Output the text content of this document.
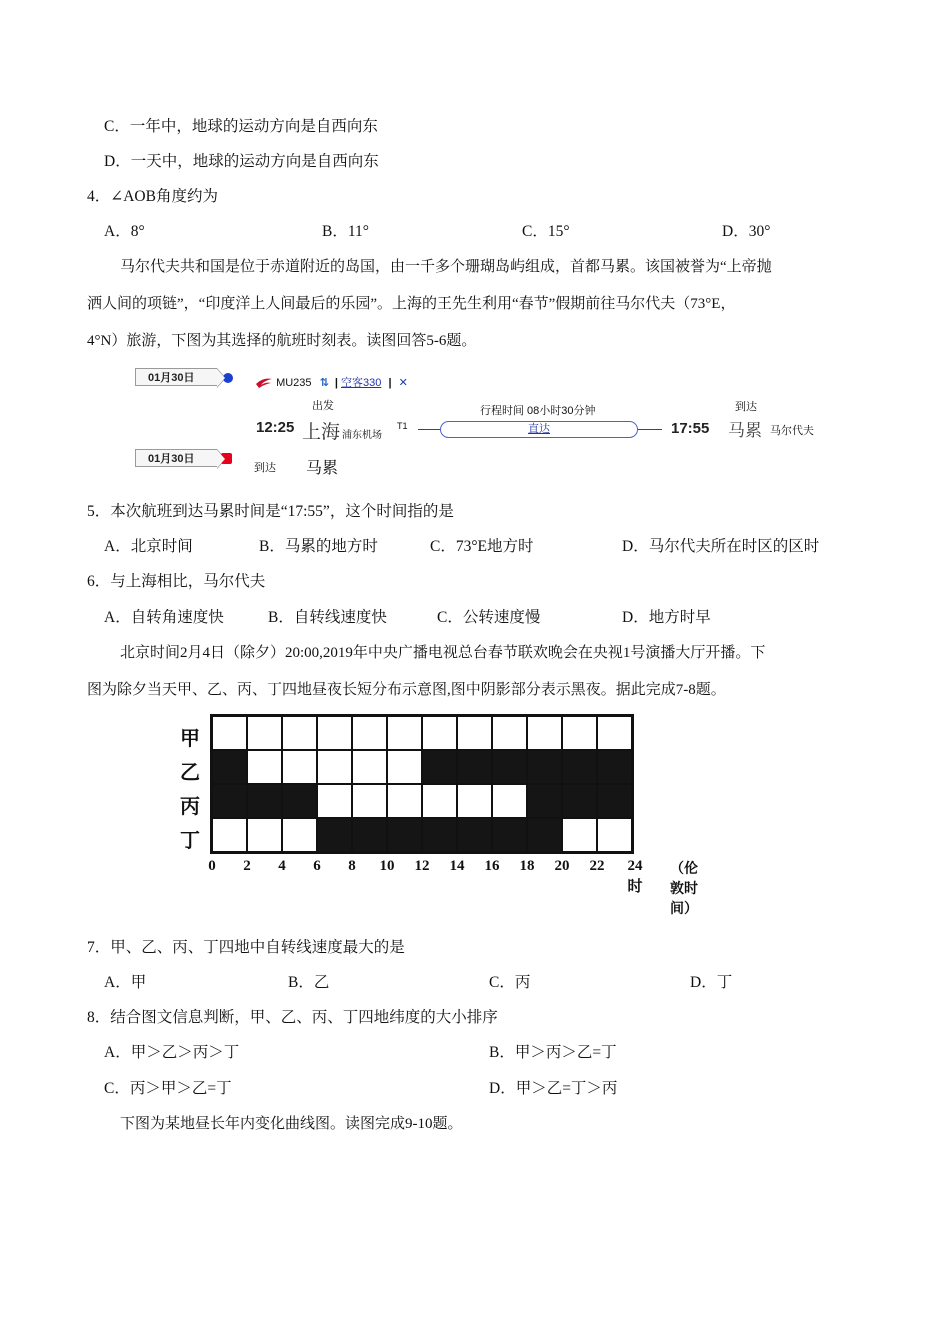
C．一年中，地球的运动方向是自西向东
D．一天中，地球的运动方向是自西向东
4．∠AOB角度约为
A．8°	B．11°	C．15°	D．30°
马尔代夫共和国是位于赤道附近的岛国，由一千多个珊瑚岛屿组成，首都马累。该国被誉为“上帝抛
洒人间的项链”，“印度洋上人间最后的乐园”。上海的王先生利用“春节”假期前往马尔代夫（73°E，
4°N）旅游，下图为其选择的航班时刻表。读图回答5-6题。
01月30日	MU235 ⇅ | 空客330 | ✕
出发
12:25 上海 浦东机场
T1
行程时间 08小时30分钟
直达	17:55
到达
马累 马尔代夫
01月30日
到达 马累
5．本次航班到达马累时间是“17:55”，这个时间指的是
A．北京时间	B．马累的地方时	C．73°E地方时	D．马尔代夫所在时区的区时
6．与上海相比，马尔代夫
A．自转角速度快	B．自转线速度快	C．公转速度慢	D．地方时早
北京时间2月4日（除夕）20:00,2019年中央广播电视总台春节联欢晚会在央视1号演播大厅开播。下
图为除夕当天甲、乙、丙、丁四地昼夜长短分布示意图,图中阴影部分表示黑夜。据此完成7-8题。
甲
乙
丙
丁
0 2 4 6 8 10 12 14 16 18 20 22 24时
（伦敦时间）
7．甲、乙、丙、丁四地中自转线速度最大的是
A．甲	B．乙	C．丙	D．丁
8．结合图文信息判断，甲、乙、丙、丁四地纬度的大小排序
A．甲＞乙＞丙＞丁	B．甲＞丙＞乙=丁
C．丙＞甲＞乙=丁	D．甲＞乙=丁＞丙
下图为某地昼长年内变化曲线图。读图完成9-10题。
